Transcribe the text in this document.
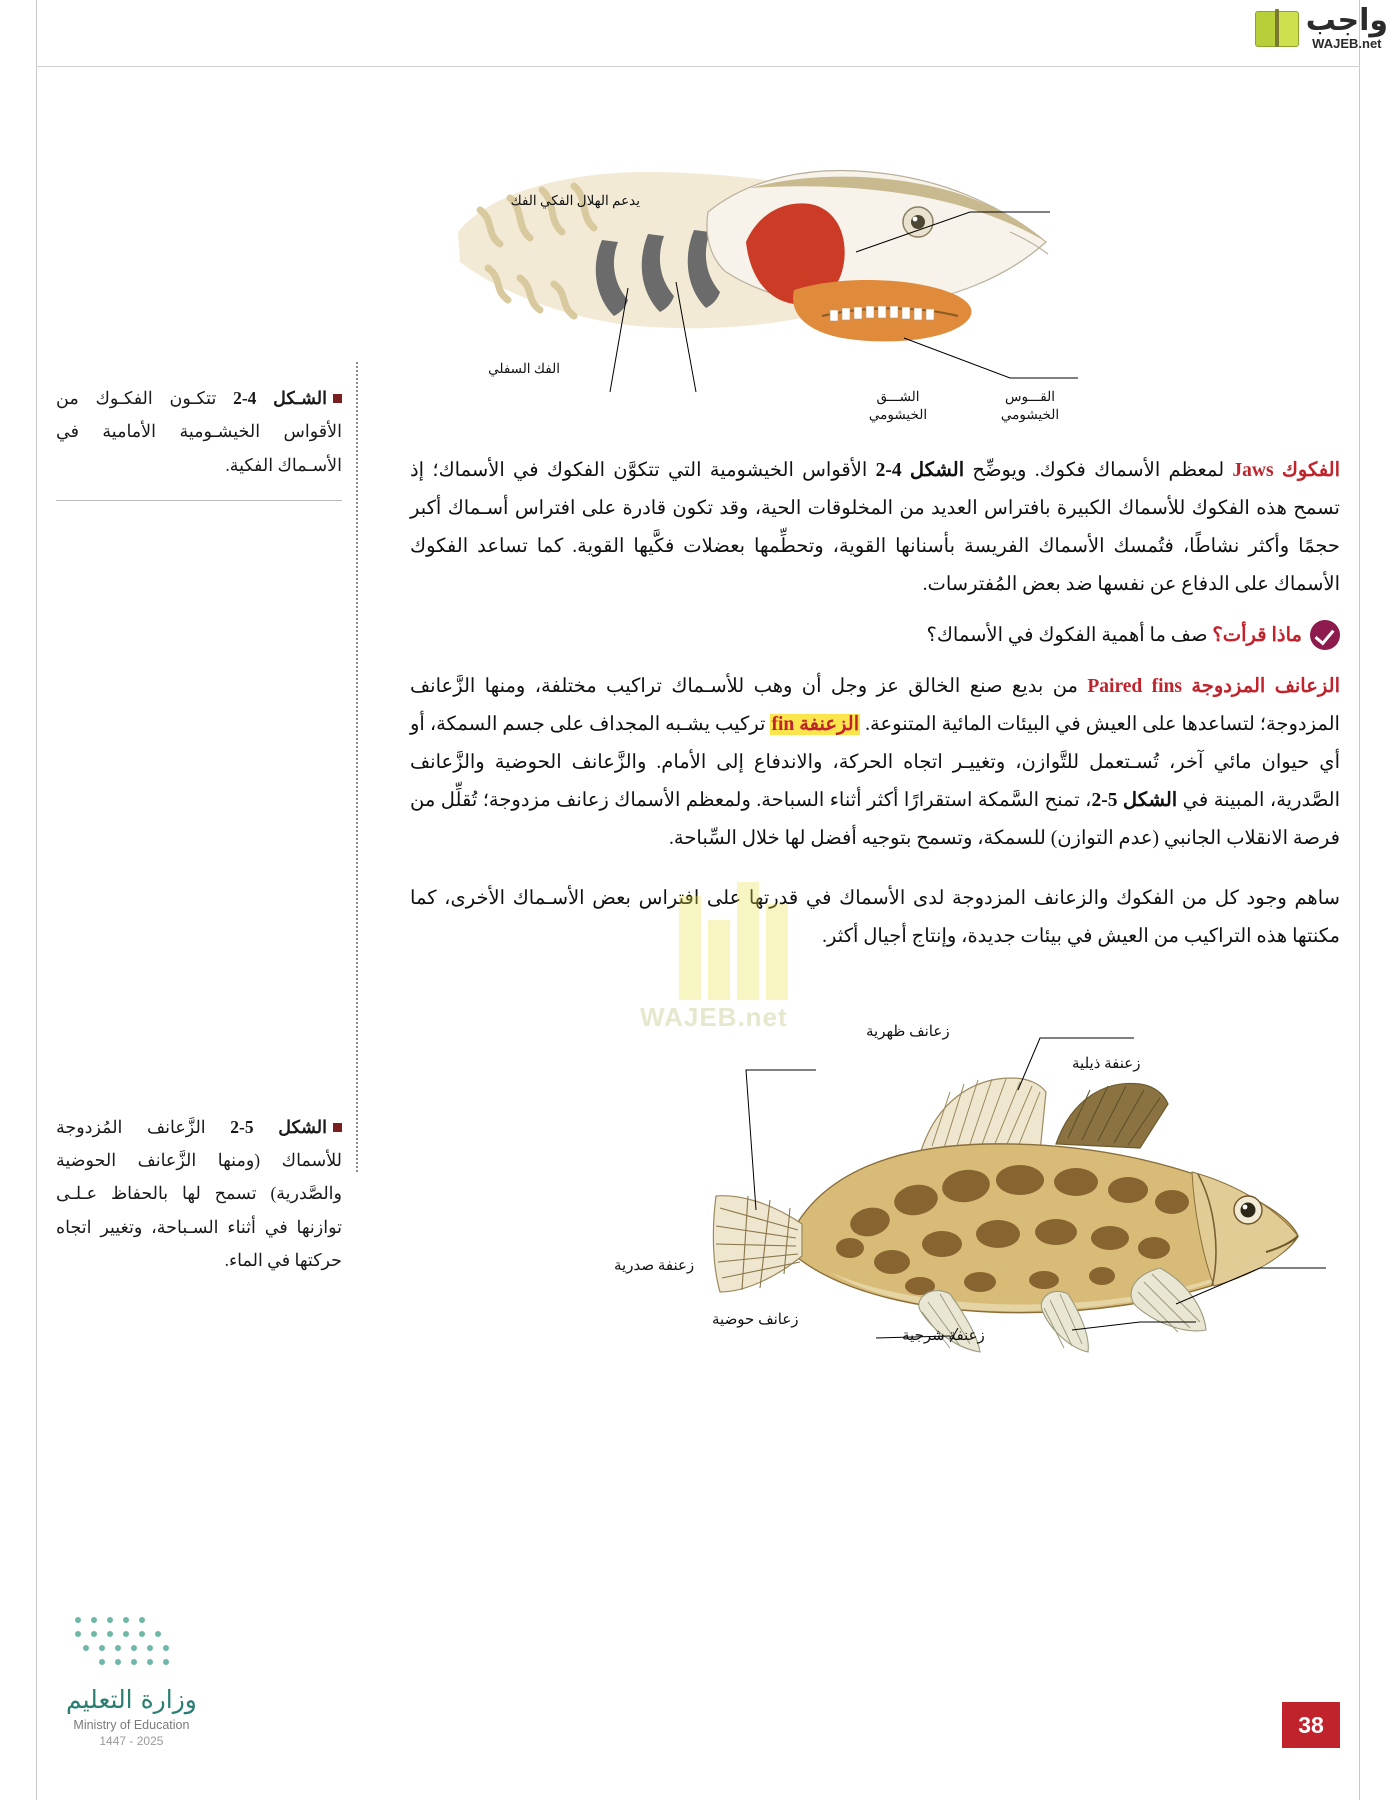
واجب
WAJEB.net
الشـكل 4-2 تتكـون الفكـوك من الأقواس الخيشـومية الأمامية في الأسـماك الفكية.
الشكل 5-2 الزَّعانف المُزدوجة للأسماك (ومنها الزَّعانف الحوضية والصَّدرية) تسمح لها بالحفاظ عـلـى توازنها في أثناء السـباحة، وتغيير اتجاه حركتها في الماء.
يدعم الهلال الفكي الفك
الفك السفلي
الشـــق
الخيشومي
القـــوس
الخيشومي

الفكوك Jaws لمعظم الأسماك فكوك. ويوضِّح الشكل 4-2 الأقواس الخيشومية التي تتكوَّن الفكوك في الأسماك؛ إذ تسمح هذه الفكوك للأسماك الكبيرة بافتراس العديد من المخلوقات الحية، وقد تكون قادرة على افتراس أسـماك أكبر حجمًا وأكثر نشاطًا، فتُمسك الأسماك الفريسة بأسنانها القوية، وتحطِّمها بعضلات فكَّيها القوية. كما تساعد الفكوك الأسماك على الدفاع عن نفسها ضد بعض المُفترسات.

ماذا قرأت؟ صف ما أهمية الفكوك في الأسماك؟

الزعانف المزدوجة Paired fins من بديع صنع الخالق عز وجل أن وهب للأسـماك تراكيب مختلفة، ومنها الزَّعانف المزدوجة؛ لتساعدها على العيش في البيئات المائية المتنوعة. الزعنفة fin تركيب يشـبه المجداف على جسم السمكة، أو أي حيوان مائي آخر، تُسـتعمل للتَّوازن، وتغييـر اتجاه الحركة، والاندفاع إلى الأمام. والزَّعانف الحوضية والزَّعانف الصَّدرية، المبينة في الشكل 5-2، تمنح السَّمكة استقرارًا أكثر أثناء السباحة. ولمعظم الأسماك زعانف مزدوجة؛ تُقلِّل من فرصة الانقلاب الجانبي (عدم التوازن) للسمكة، وتسمح بتوجيه أفضل لها خلال السِّباحة.

ساهم وجود كل من الفكوك والزعانف المزدوجة لدى الأسماك في قدرتها على افتراس بعض الأسـماك الأخرى، كما مكنتها هذه التراكيب من العيش في بيئات جديدة، وإنتاج أجيال أكثر.

زعانف ظهرية
زعنفة ذيلية
زعنفة صدرية
زعانف حوضية
زعنفة شرجية
WAJEB.net
وزارة التعليم
Ministry of Education
2025 - 1447
38
